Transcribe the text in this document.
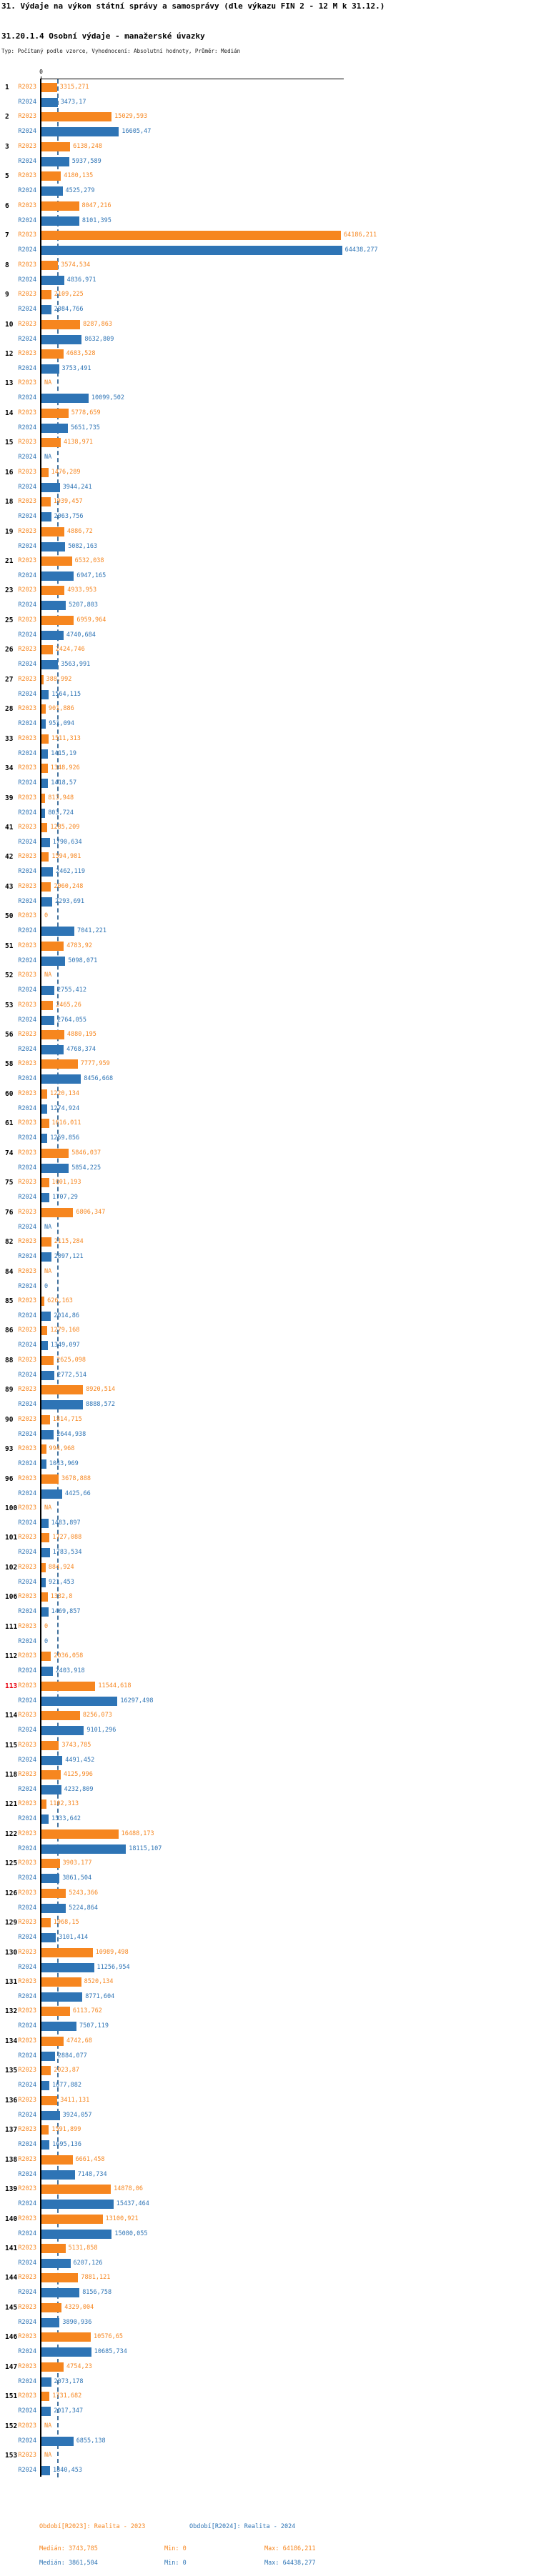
31. Výdaje na výkon státní správy a samosprávy (dle výkazu FIN 2 - 12 M k 31.12.)
31.20.1.4 Osobní výdaje - manažerské úvazky
Typ: Počítaný podle vzorce, Vyhodnocení: Absolutní hodnoty, Průměr: Medián
0
1	R2023	3315,271
R2024	3473,17
2	R2023	15029,593
R2024	16605,47
3	R2023	6138,248
R2024	5937,589
5	R2023	4180,135
R2024	4525,279
6	R2023	8047,216
R2024	8101,395
7	R2023	64186,211
R2024	64438,277
8	R2023	3574,534
R2024	4836,971
9	R2023	2109,225
R2024	2084,766
10 R2023	8287,863
R2024	8632,809
12 R2023	4683,528
R2024	3753,491
13 R2023 NA
R2024	10099,502
14 R2023	5778,659
R2024	5651,735
15 R2023	4138,971
R2024 NA
16 R2023 1476,289
R2024	3944,241
18 R2023	1939,457
R2024	2063,756
19 R2023	4886,72
R2024	5082,163
21 R2023	6532,038
R2024	6947,165
23 R2023	4933,953
R2024	5207,803
25 R2023	6959,964
R2024	4740,684
26 R2023	2424,746
R2024	3563,991
27 R2023 388,992
R2024 1564,115
28 R2023 901,886
R2024 951,094
33 R2023 1511,313
R2024 1415,19
34 R2023 1348,926
R2024 1418,57
39 R2023 813,948
R2024 803,724
41 R2023 1285,209
R2024	1790,634
42 R2023	1594,981
R2024	2462,119
43 R2023	2060,248
R2024	2293,691
50 R2023 0
R2024	7041,221
51 R2023	4783,92
R2024	5098,071
52 R2023 NA
R2024	2755,412
53 R2023	2465,26
R2024	2764,055
56 R2023	4880,195
R2024	4768,374
58 R2023	7777,959
R2024	8456,668
60 R2023 1220,134
R2024 1274,924
61 R2023	1616,011
R2024 1259,856
74 R2023	5846,037
R2024	5854,225
75 R2023	1601,193
R2024	1707,29
76 R2023	6806,347
R2024 NA
82 R2023	2115,284
R2024	2097,121
84 R2023 NA
R2024 0
85 R2023 626,163
R2024	2014,86
86 R2023 1279,168
R2024 1349,097
88 R2023	2625,098
R2024	2772,514
89 R2023	8920,514
R2024	8888,572
90 R2023	1814,715
R2024	2644,938
93 R2023 994,968
R2024 1043,969
96 R2023	3678,888
R2024	4425,66
100 R2023 NA
R2024 1483,897
101 R2023	1727,088
R2024	1783,534
102 R2023 884,924
R2024 921,453
106 R2023 1332,8
R2024 1469,857
111 R2023 0
R2024 0
112 R2023	2036,058
R2024	2403,918
113 R2023	11544,618
R2024	16297,498
114 R2023	8256,073
R2024	9101,296
115 R2023	3743,785
R2024	4491,452
118 R2023	4125,996
R2024	4232,809
121 R2023 1102,313
R2024 1533,642
122 R2023	16488,173
R2024	18115,107
125 R2023	3903,177
R2024	3861,504
126 R2023	5243,366
R2024	5224,864
129 R2023	1968,15
R2024	3101,414
130 R2023	10989,498
R2024	11256,954
131 R2023	8520,134
R2024	8771,604
132 R2023	6113,762
R2024	7507,119
134 R2023	4742,68
R2024	2884,077
135 R2023	2023,87
R2024	1677,882
136 R2023	3411,131
R2024	3924,057
137 R2023	1591,899
R2024	1695,136
138 R2023	6661,458
R2024	7148,734
139 R2023	14878,06
R2024	15437,464
140 R2023	13100,921
R2024	15080,055
141 R2023	5131,858
R2024	6207,126
144 R2023	7881,121
R2024	8156,758
145 R2023	4329,004
R2024	3890,936
146 R2023	10576,65
R2024	10685,734
147 R2023	4754,23
R2024	2073,178
151 R2023	1731,682
R2024	2017,347
152 R2023 NA
R2024	6855,138
153 R2023 NA
R2024	1840,453
Období[R2023]: Realita - 2023	Období[R2024]: Realita - 2024
Medián: 3743,785	Min: 0	Max: 64186,211
Medián: 3861,504	Min: 0	Max: 64438,277
